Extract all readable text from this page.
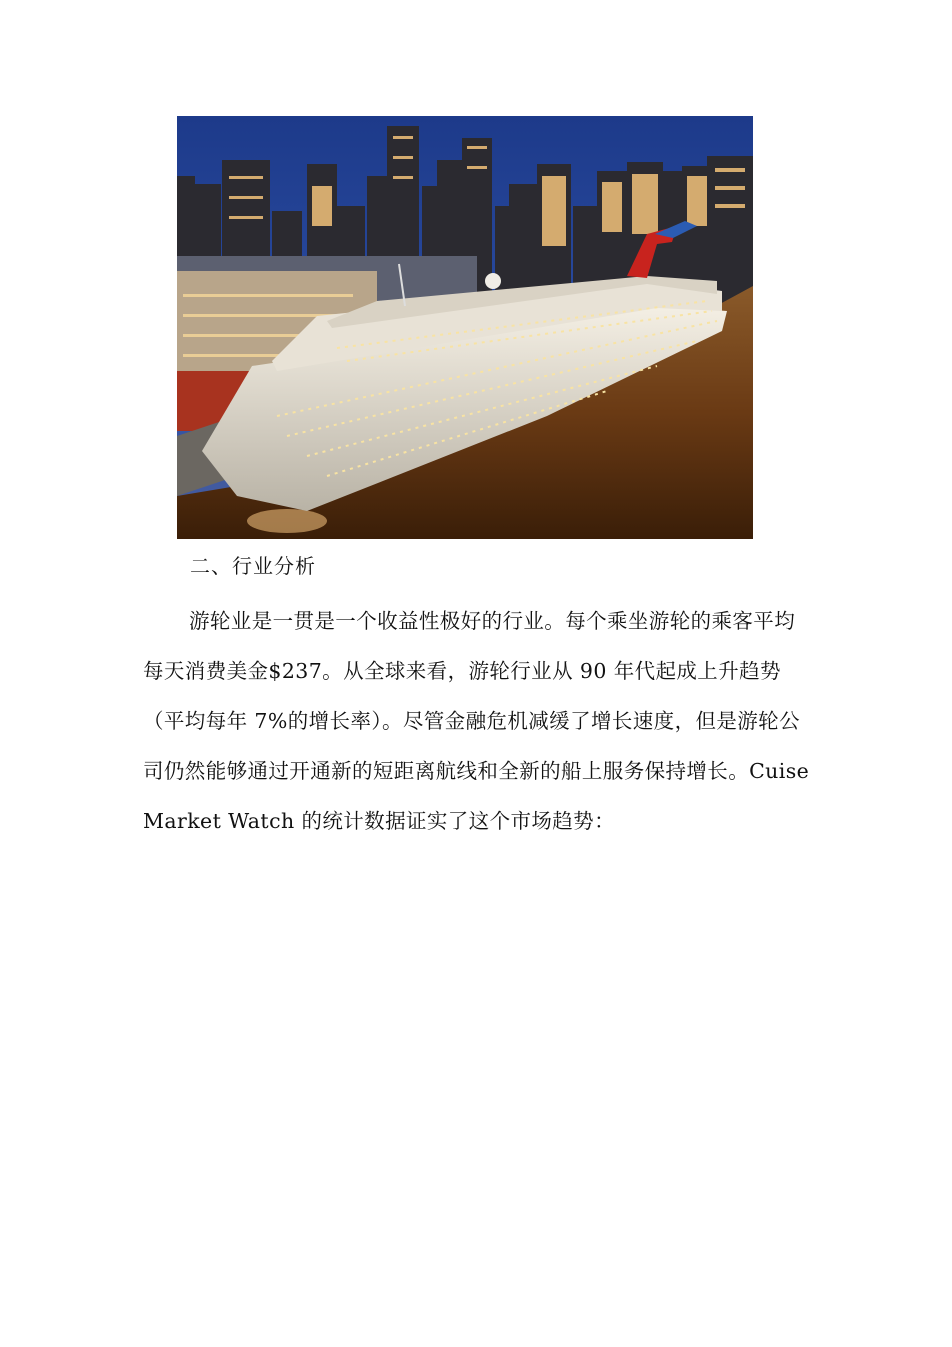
二、行业分析

游轮业是一贯是一个收益性极好的行业。每个乘坐游轮的乘客平均每天消费美金$237。从全球来看，游轮行业从 90 年代起成上升趋势（平均每年 7%的增长率）。尽管金融危机减缓了增长速度，但是游轮公司仍然能够通过开通新的短距离航线和全新的船上服务保持增长。Cuise Market Watch 的统计数据证实了这个市场趋势：
